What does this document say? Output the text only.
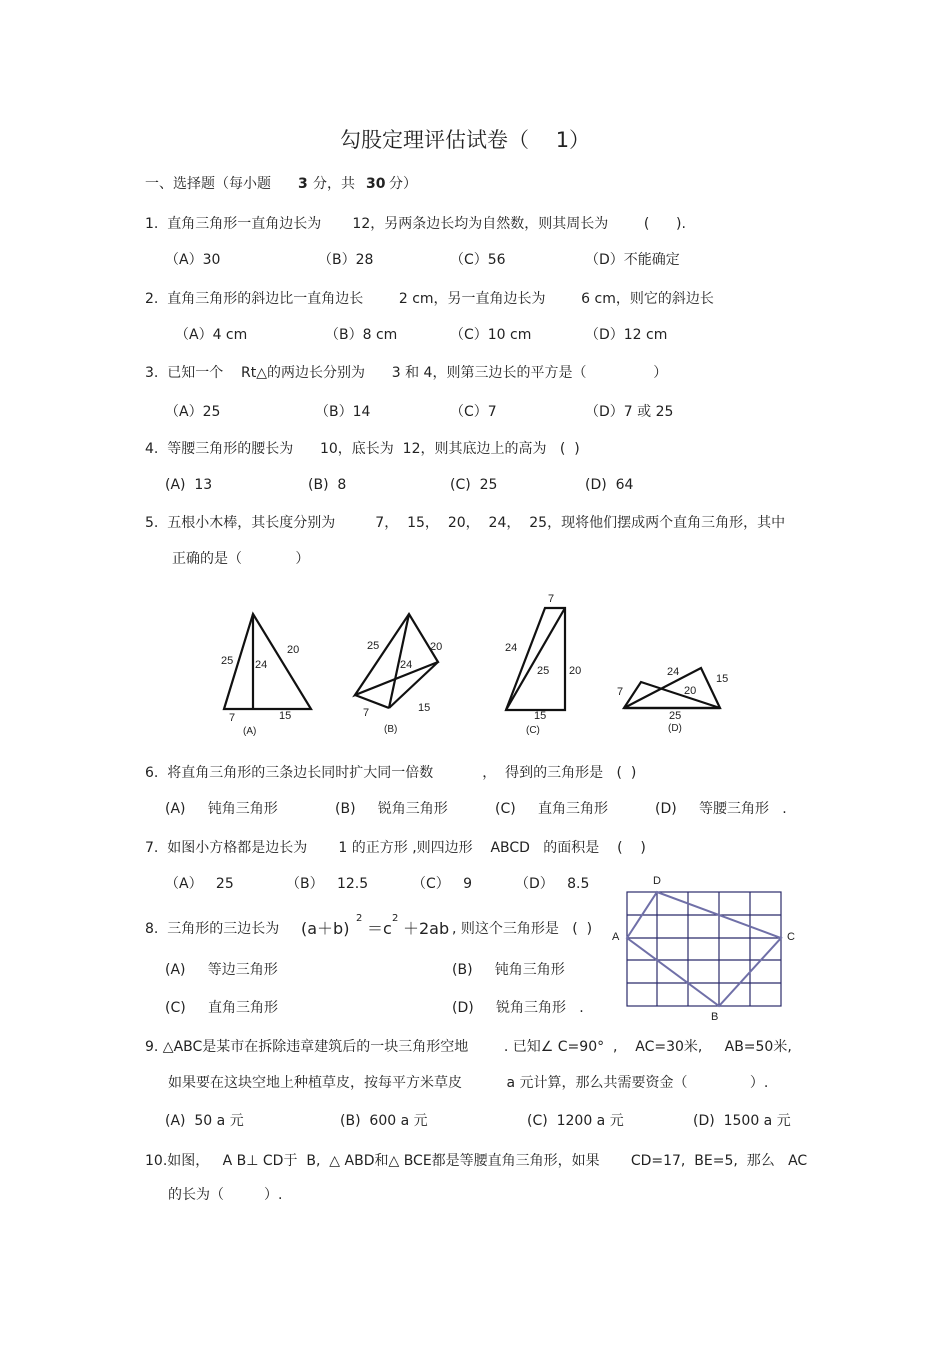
勾股定理评估试卷（    1）
一、选择题（每小题 3 分，共 30 分）
1.  直角三角形一直角边长为       12，另两条边长均为自然数，则其周长为        (      ).
（A）30	（B）28	（C）56	（D）不能确定
2.  直角三角形的斜边比一直角边长        2 cm，另一直角边长为        6 cm，则它的斜边长
（A）4 cm	（B）8 cm	（C）10 cm	（D）12 cm
3.  已知一个    Rt△的两边长分别为      3 和 4，则第三边长的平方是（               ）
（A）25	（B）14	（C）7	（D）7 或 25
4.  等腰三角形的腰长为      10，底长为  12，则其底边上的高为   (  )
(A)  13	(B)  8	(C)  25	(D)  64
5.  五根小木棒，其长度分别为         7，  15，  20，  24，  25，现将他们摆成两个直角三角形，其中
正确的是（            ）
25 24
20
7	15
(A)
25
24
20
7	15
(B)
7
24
25 20
15
(C)
24
15
7	20
25
(D)
6.  将直角三角形的三条边长同时扩大同一倍数           ，  得到的三角形是   (  )
(A)     钝角三角形	(B)     锐角三角形	(C)     直角三角形	(D)     等腰三角形   .
7.  如图小方格都是边长为       1 的正方形 ,则四边形    ABCD   的面积是    (    )
（A）   25	（B）   12.5	（C）   9	（D）   8.5
A
B
C
D
8.  三角形的三边长为 (a＋b)
2
＝c
2
＋2ab , 则这个三角形是   (  )
(A)     等边三角形	(B)     钝角三角形
(C)     直角三角形	(D)     锐角三角形   .
9. △ABC是某市在拆除违章建筑后的一块三角形空地        . 已知∠ C=90°  ,    AC=30米,     AB=50米,
如果要在这块空地上种植草皮，按每平方米草皮          a 元计算，那么共需要资金（              ）.
(A)  50 a 元	(B)  600 a 元	(C)  1200 a 元	(D)  1500 a 元
10.如图，   A B⊥ CD于  B,  △ ABD和△ BCE都是等腰直角三角形，如果       CD=17,  BE=5,  那么   AC
的长为（         ）.
